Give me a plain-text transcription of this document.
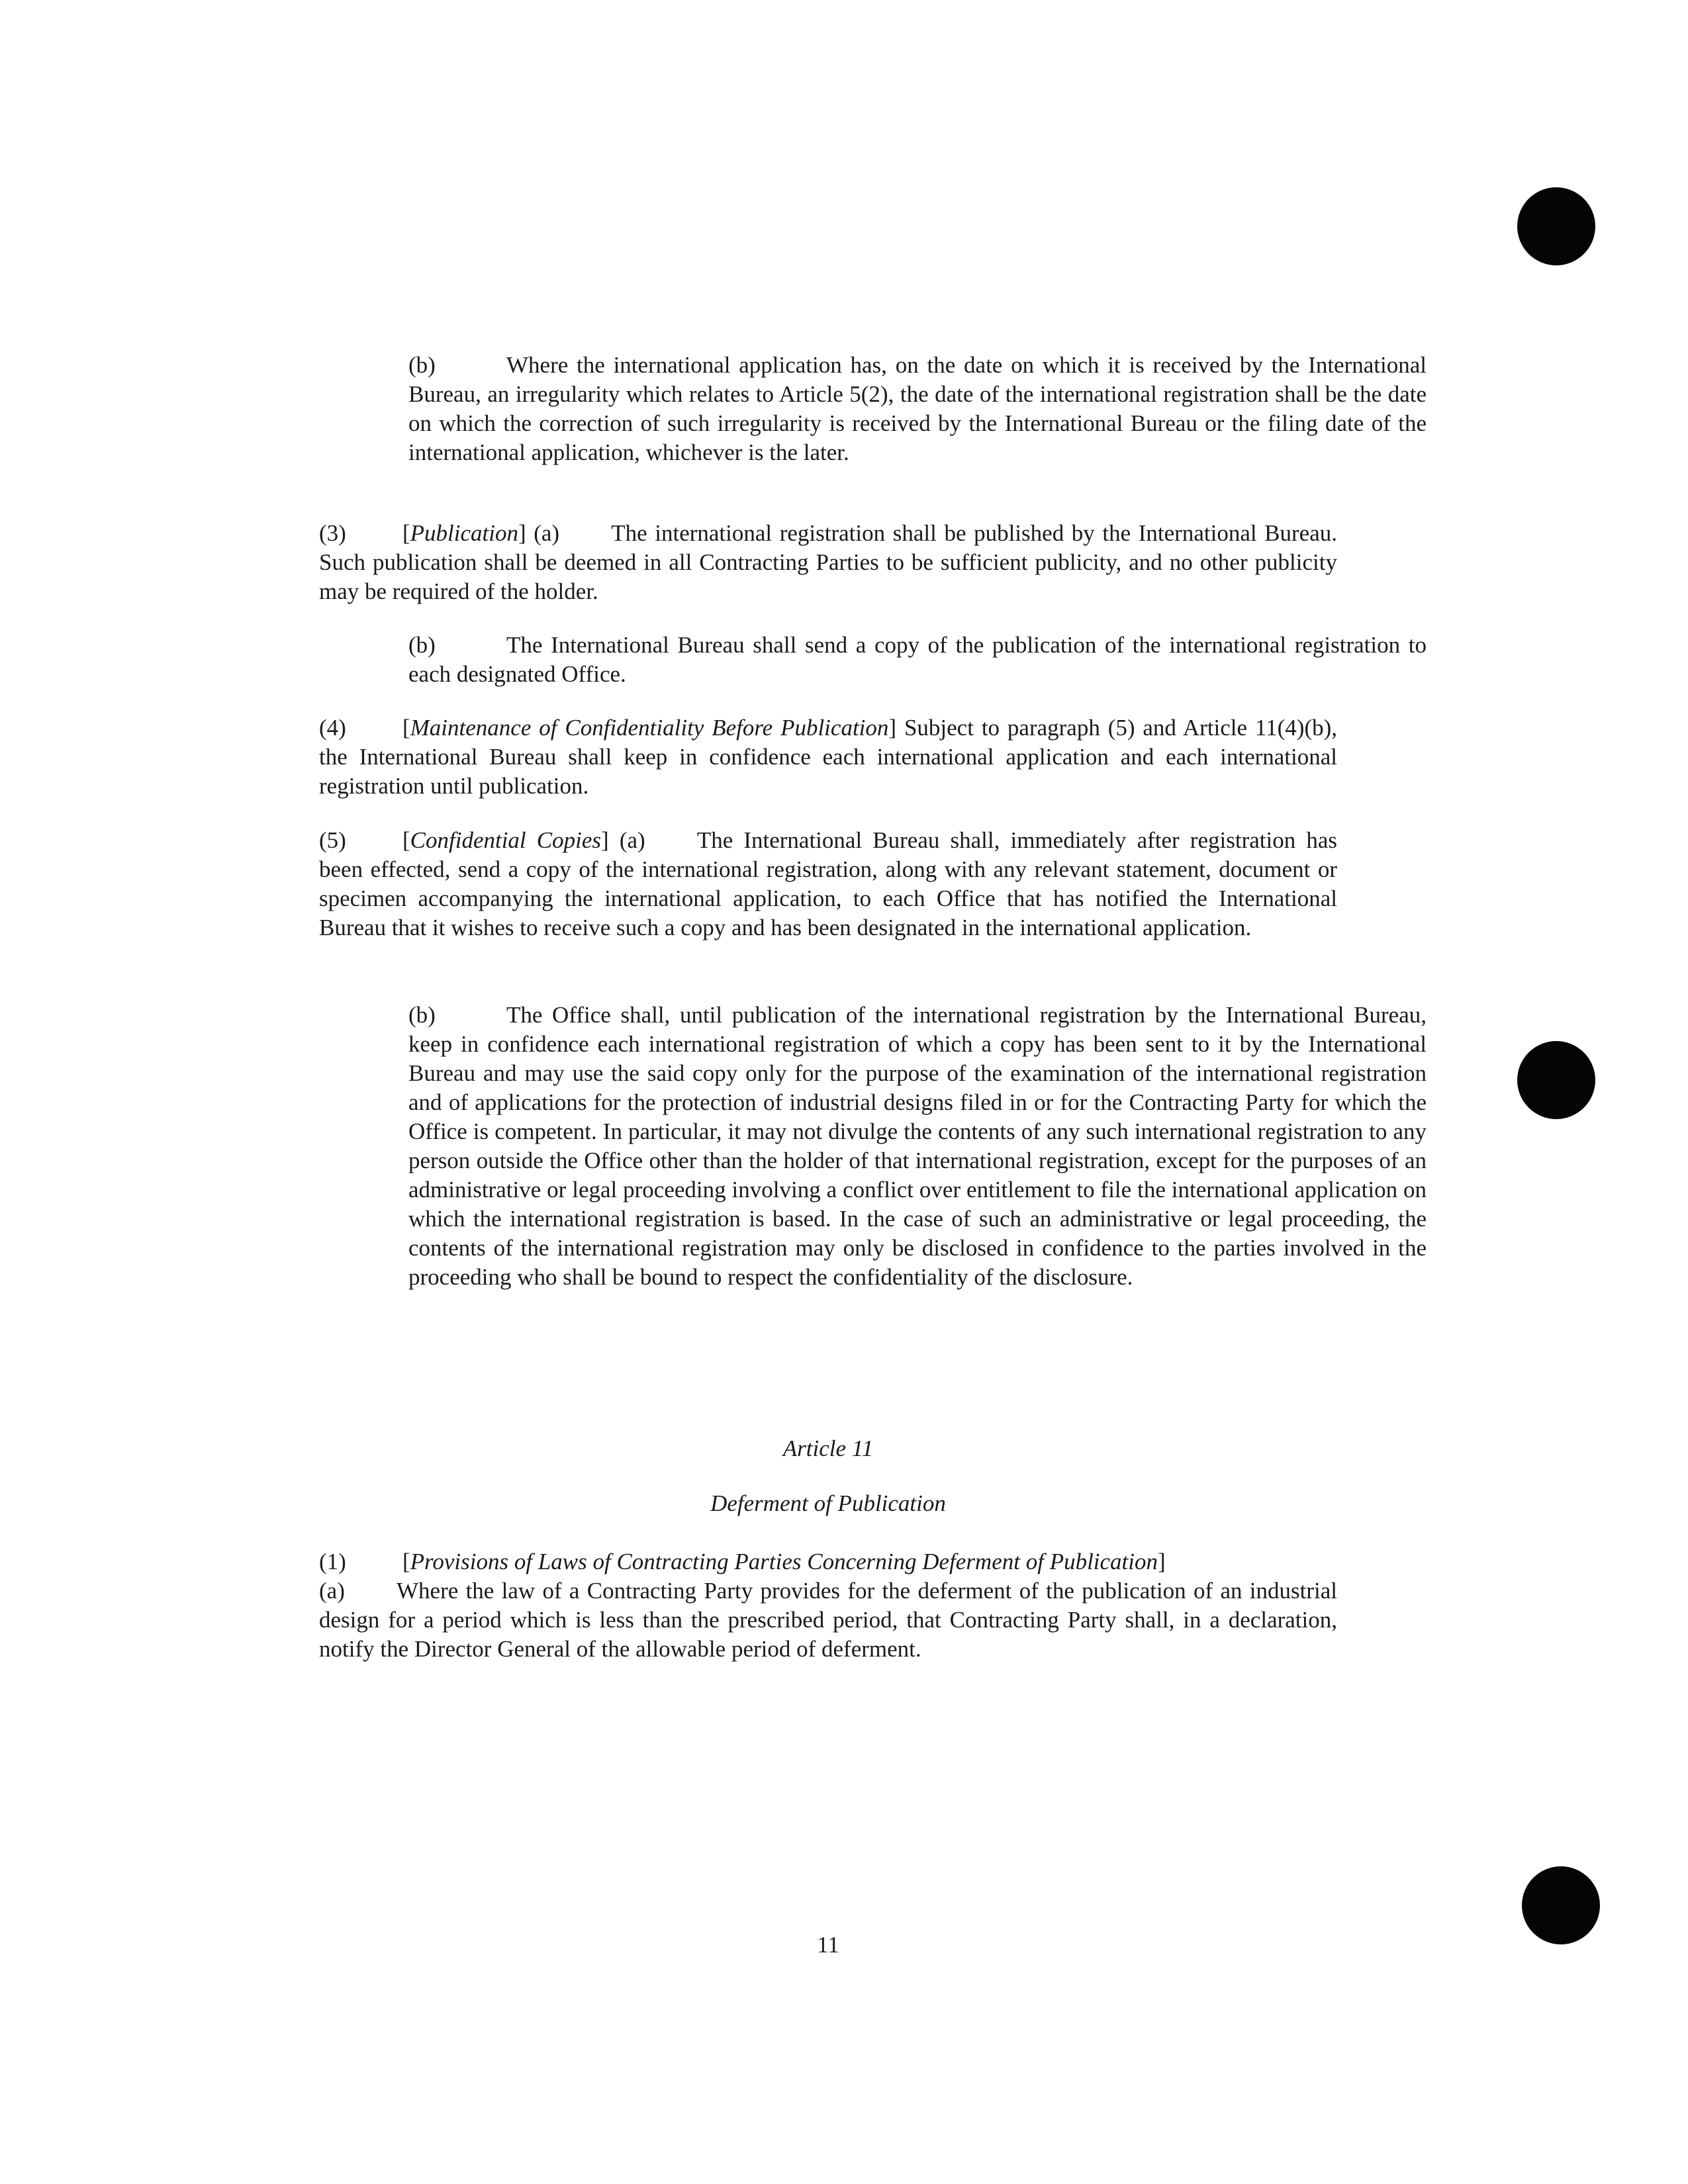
(b)	Where the international application has, on the date on which it is received by the International Bureau, an irregularity which relates to Article 5(2), the date of the international registration shall be the date on which the correction of such irregularity is received by the International Bureau or the filing date of the international application, whichever is the later.

(3) [Publication] (a) The international registration shall be published by the International Bureau. Such publication shall be deemed in all Contracting Parties to be sufficient publicity, and no other publicity may be required of the holder.

(b)	The International Bureau shall send a copy of the publication of the international registration to each designated Office.

(4) [Maintenance of Confidentiality Before Publication] Subject to paragraph (5) and Article 11(4)(b), the International Bureau shall keep in confidence each international application and each international registration until publication.

(5) [Confidential Copies] (a) The International Bureau shall, immediately after registration has been effected, send a copy of the international registration, along with any relevant statement, document or specimen accompanying the international application, to each Office that has notified the International Bureau that it wishes to receive such a copy and has been designated in the international application.

(b)	The Office shall, until publication of the international registration by the International Bureau, keep in confidence each international registration of which a copy has been sent to it by the International Bureau and may use the said copy only for the purpose of the examination of the international registration and of applications for the protection of industrial designs filed in or for the Contracting Party for which the Office is competent. In particular, it may not divulge the contents of any such international registration to any person outside the Office other than the holder of that international registration, except for the purposes of an administrative or legal proceeding involving a conflict over entitlement to file the international application on which the international registration is based. In the case of such an administrative or legal proceeding, the contents of the international registration may only be disclosed in confidence to the parties involved in the proceeding who shall be bound to respect the confidentiality of the disclosure.

Article 11

Deferment of Publication

(1) [Provisions of Laws of Contracting Parties Concerning Deferment of Publication]
(a) Where the law of a Contracting Party provides for the deferment of the publication of an industrial design for a period which is less than the prescribed period, that Contracting Party shall, in a declaration, notify the Director General of the allowable period of deferment.

11
